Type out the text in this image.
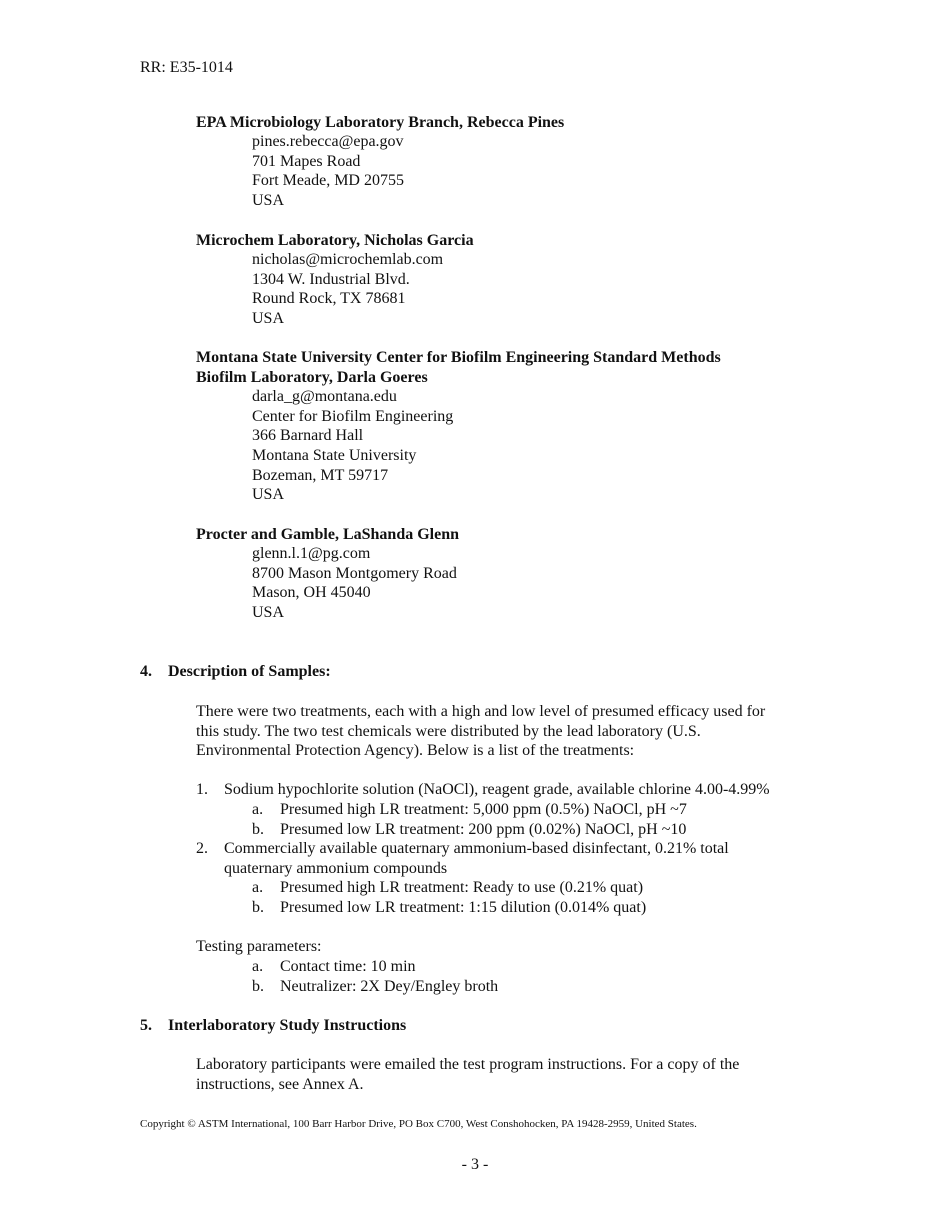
RR: E35-1014
EPA Microbiology Laboratory Branch, Rebecca Pines
pines.rebecca@epa.gov
701 Mapes Road
Fort Meade, MD 20755
USA
Microchem Laboratory, Nicholas Garcia
nicholas@microchemlab.com
1304 W. Industrial Blvd.
Round Rock, TX 78681
USA
Montana State University Center for Biofilm Engineering Standard Methods
Biofilm Laboratory, Darla Goeres
darla_g@montana.edu
Center for Biofilm Engineering
366 Barnard Hall
Montana State University
Bozeman, MT 59717
USA
Procter and Gamble, LaShanda Glenn
glenn.l.1@pg.com
8700 Mason Montgomery Road
Mason, OH 45040
USA
4. Description of Samples:
There were two treatments, each with a high and low level of presumed efficacy used for
this study. The two test chemicals were distributed by the lead laboratory (U.S.
Environmental Protection Agency). Below is a list of the treatments:
1. Sodium hypochlorite solution (NaOCl), reagent grade, available chlorine 4.00-4.99%
a. Presumed high LR treatment: 5,000 ppm (0.5%) NaOCl, pH ~7
b. Presumed low LR treatment: 200 ppm (0.02%) NaOCl, pH ~10
2. Commercially available quaternary ammonium-based disinfectant, 0.21% total
quaternary ammonium compounds
a. Presumed high LR treatment: Ready to use (0.21% quat)
b. Presumed low LR treatment: 1:15 dilution (0.014% quat)
Testing parameters:
a. Contact time: 10 min
b. Neutralizer: 2X Dey/Engley broth
5. Interlaboratory Study Instructions
Laboratory participants were emailed the test program instructions. For a copy of the
instructions, see Annex A.
Copyright © ASTM International, 100 Barr Harbor Drive, PO Box C700, West Conshohocken, PA 19428-2959, United States.
- 3 -
